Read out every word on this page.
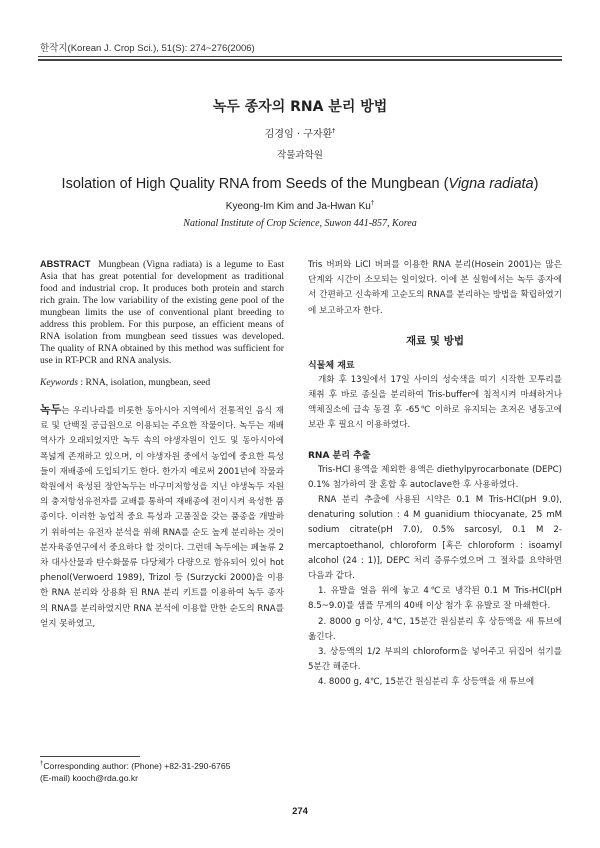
한작지(Korean J. Crop Sci.), 51(S): 274~276(2006)
녹두 종자의 RNA 분리 방법
김경임 · 구자환†
작물과학원
Isolation of High Quality RNA from Seeds of the Mungbean (Vigna radiata)
Kyeong-Im Kim and Ja-Hwan Ku†
National Institute of Crop Science, Suwon 441-857, Korea

ABSTRACT Mungbean (Vigna radiata) is a legume to East Asia that has great potential for development as traditional food and industrial crop. It produces both protein and starch rich grain. The low variability of the existing gene pool of the mungbean limits the use of conventional plant breeding to address this problem. For this purpose, an efficient means of RNA isolation from mungbean seed tissues was developed. The quality of RNA obtained by this method was sufficient for use in RT-PCR and RNA analysis.

Keywords : RNA, isolation, mungbean, seed

녹두는 우리나라를 비롯한 동아시아 지역에서 전통적인 음식 재료 및 단백질 공급원으로 이용되는 주요한 작물이다. 녹두는 재배 역사가 오래되었지만 녹두 속의 야생자원이 인도 및 동아시아에 폭넓게 존재하고 있으며, 이 야생자원 중에서 농업에 중요한 특성들이 재배종에 도입되기도 한다. 한가지 예로써 2001년에 작물과학원에서 육성된 장안녹두는 바구미저항성을 지닌 야생녹두 자원의 충저항성유전자를 교배를 통하여 재배종에 전이시켜 육성한 품종이다. 이러한 농업적 중요 특성과 고품질을 갖는 품종을 개발하기 위하여는 유전자 분석을 위해 RNA를 순도 높게 분리하는 것이 분자육종연구에서 중요하다 할 것이다. 그런데 녹두에는 페놀류 2차 대사산물과 탄수화물류 다당체가 다량으로 함유되어 있어 hot phenol(Verwoerd 1989), Trizol 등 (Surzycki 2000)을 이용한 RNA 분리와 상용화 된 RNA 분리 키트를 이용하여 녹두 종자의 RNA를 분리하였지만 RNA 분석에 이용할 만한 순도의 RNA를 얻지 못하였고,

Tris 버퍼와 LiCl 버퍼를 이용한 RNA 분리(Hosein 2001)는 많은 단계와 시간이 소모되는 일이었다. 이에 본 실험에서는 녹두 종자에서 간편하고 신속하게 고순도의 RNA를 분리하는 방법을 확립하였기에 보고하고자 한다.

재료 및 방법
식물체 재료

개화 후 13일에서 17일 사이의 성숙색을 띠기 시작한 꼬투리를 채취 후 바로 종실을 분리하여 Tris-buffer에 침적시켜 마쇄하거나 액체질소에 급속 동결 후 -65℃ 이하로 유지되는 초저온 냉동고에 보관 후 필요시 이용하였다.

RNA 분리 추출

Tris-HCl 용액을 제외한 용액은 diethylpyrocarbonate (DEPC) 0.1% 첨가하여 잘 혼합 후 autoclave한 후 사용하였다.

RNA 분리 추출에 사용된 시약은 0.1 M Tris-HCl(pH 9.0), denaturing solution : 4 M guanidium thiocyanate, 25 mM sodium citrate(pH 7.0), 0.5% sarcosyl, 0.1 M 2-mercaptoethanol, chloroform [혹은 chloroform : isoamyl alcohol (24 : 1)], DEPC 처리 증류수였으며 그 절차를 요약하면 다음과 같다.

1. 유발을 얼음 위에 놓고 4℃로 냉각된 0.1 M Tris-HCl(pH 8.5~9.0)를 샘플 무게의 40배 이상 첨가 후 유발로 잘 마쇄한다.

2. 8000 g 이상, 4℃, 15분간 원심분리 후 상등액을 새 튜브에 옮긴다.

3. 상등액의 1/2 부피의 chloroform을 넣어주고 뒤집어 섞기를 5분간 해준다.

4. 8000 g, 4℃, 15분간 원심분리 후 상등액을 새 튜브에

†Corresponding author: (Phone) +82-31-290-6765
(E-mail) kooch@rda.go.kr
274
